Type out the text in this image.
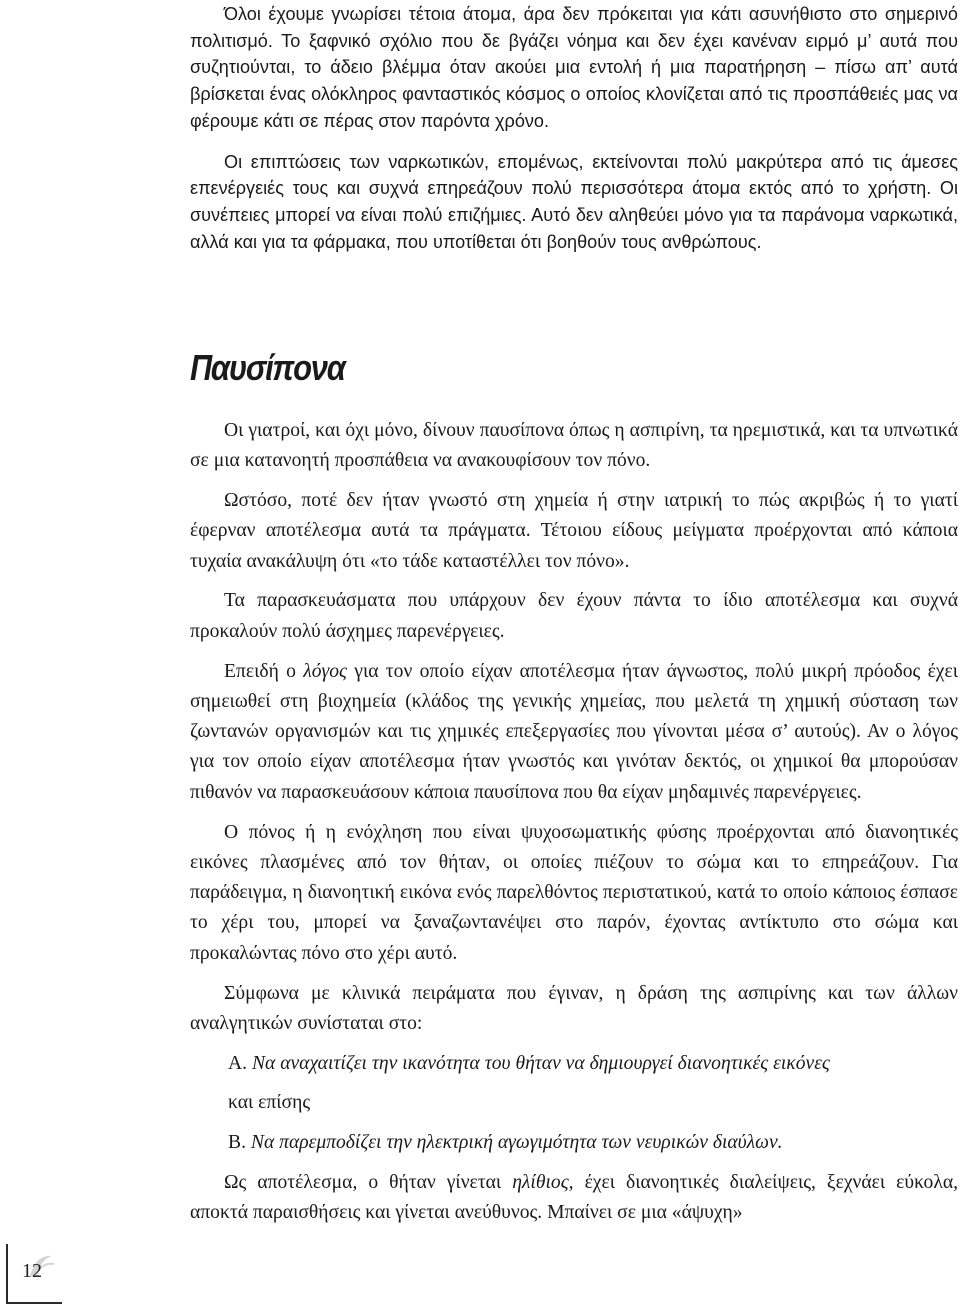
Όλοι έχουμε γνωρίσει τέτοια άτομα, άρα δεν πρόκειται για κάτι ασυνήθιστο στο σημερινό πολιτισμό. Το ξαφνικό σχόλιο που δε βγάζει νόημα και δεν έχει κανέναν ειρμό μ’ αυτά που συζητιούνται, το άδειο βλέμμα όταν ακούει μια εντολή ή μια παρατήρηση – πίσω απ’ αυτά βρίσκεται ένας ολόκληρος φανταστικός κόσμος ο οποίος κλονίζεται από τις προσπάθειές μας να φέρουμε κάτι σε πέρας στον παρόντα χρόνο.

Οι επιπτώσεις των ναρκωτικών, επομένως, εκτείνονται πολύ μακρύτερα από τις άμεσες επενέργειές τους και συχνά επηρεάζουν πολύ περισσότερα άτομα εκτός από το χρήστη. Οι συνέπειες μπορεί να είναι πολύ επιζήμιες. Αυτό δεν αληθεύει μόνο για τα παράνομα ναρκωτικά, αλλά και για τα φάρμακα, που υποτίθεται ότι βοηθούν τους ανθρώπους.

Παυσίπονα

Οι γιατροί, και όχι μόνο, δίνουν παυσίπονα όπως η ασπιρίνη, τα ηρεμιστικά, και τα υπνωτικά σε μια κατανοητή προσπάθεια να ανακουφίσουν τον πόνο.

Ωστόσο, ποτέ δεν ήταν γνωστό στη χημεία ή στην ιατρική το πώς ακριβώς ή το γιατί έφερναν αποτέλεσμα αυτά τα πράγματα. Τέτοιου είδους μείγματα προέρχονται από κάποια τυχαία ανακάλυψη ότι «το τάδε καταστέλλει τον πόνο».

Τα παρασκευάσματα που υπάρχουν δεν έχουν πάντα το ίδιο αποτέλεσμα και συχνά προκαλούν πολύ άσχημες παρενέργειες.

Επειδή ο λόγος για τον οποίο είχαν αποτέλεσμα ήταν άγνωστος, πολύ μικρή πρόοδος έχει σημειωθεί στη βιοχημεία (κλάδος της γενικής χημείας, που μελετά τη χημική σύσταση των ζωντανών οργανισμών και τις χημικές επεξεργασίες που γίνονται μέσα σ’ αυτούς). Αν ο λόγος για τον οποίο είχαν αποτέλεσμα ήταν γνωστός και γινόταν δεκτός, οι χημικοί θα μπορούσαν πιθανόν να παρασκευάσουν κάποια παυσίπονα που θα είχαν μηδαμινές παρενέργειες.

Ο πόνος ή η ενόχληση που είναι ψυχοσωματικής φύσης προέρχονται από διανοητικές εικόνες πλασμένες από τον θήταν, οι οποίες πιέζουν το σώμα και το επηρεάζουν. Για παράδειγμα, η διανοητική εικόνα ενός παρελθόντος περιστατικού, κατά το οποίο κάποιος έσπασε το χέρι του, μπορεί να ξαναζωντανέψει στο παρόν, έχοντας αντίκτυπο στο σώμα και προκαλώντας πόνο στο χέρι αυτό.

Σύμφωνα με κλινικά πειράματα που έγιναν, η δράση της ασπιρίνης και των άλλων αναλγητικών συνίσταται στο:

A. Να αναχαιτίζει την ικανότητα του θήταν να δημιουργεί διανοητικές εικόνες

και επίσης

B. Να παρεμποδίζει την ηλεκτρική αγωγιμότητα των νευρικών διαύλων.

Ως αποτέλεσμα, ο θήταν γίνεται ηλίθιος, έχει διανοητικές διαλείψεις, ξεχνάει εύκολα, αποκτά παραισθήσεις και γίνεται ανεύθυνος. Μπαίνει σε μια «άψυχη»

12
